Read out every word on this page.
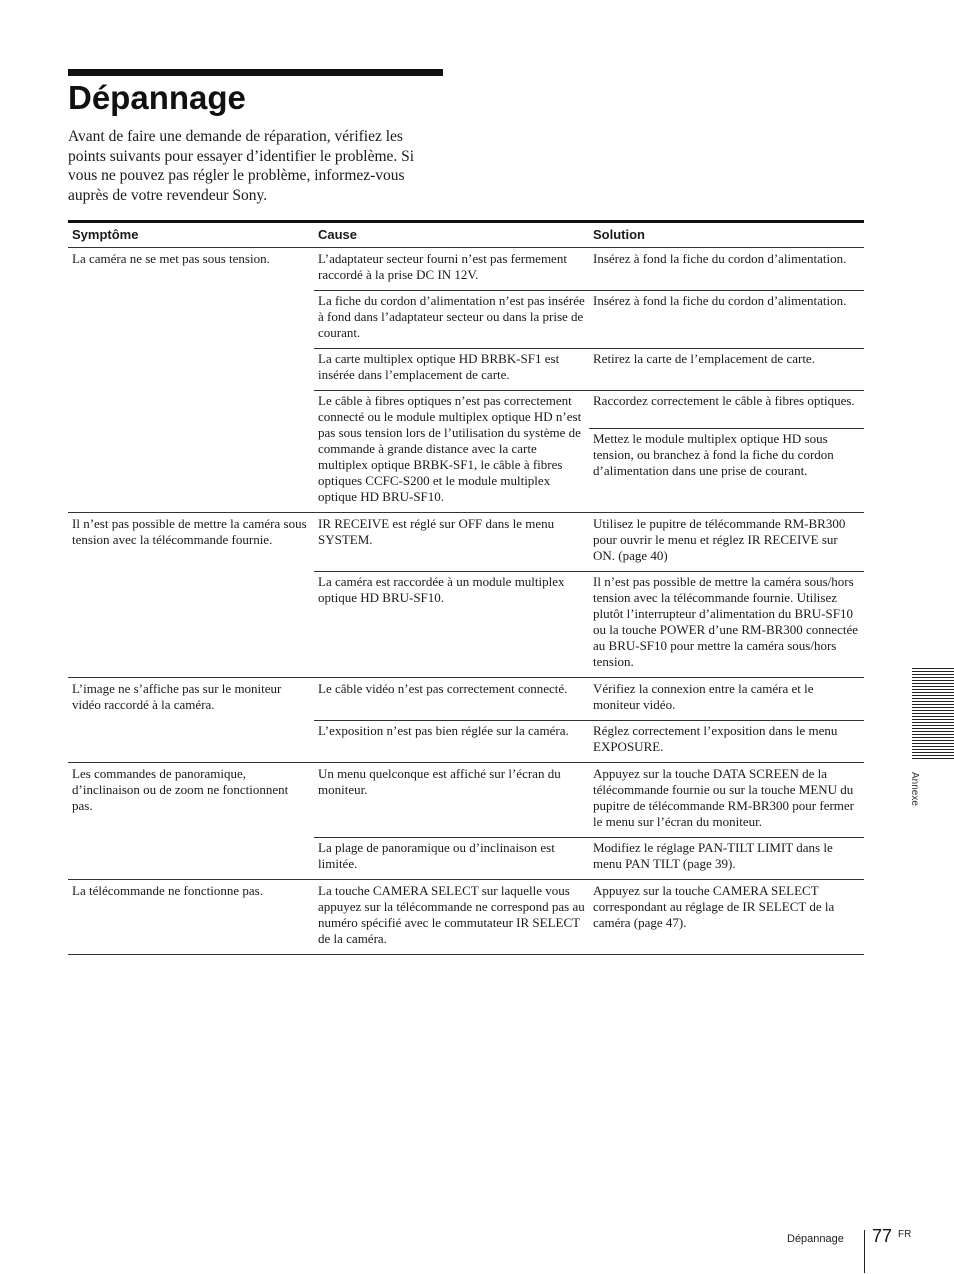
Dépannage

Avant de faire une demande de réparation, vérifiez les points suivants pour essayer d’identifier le problème. Si vous ne pouvez pas régler le problème, informez-vous auprès de votre revendeur Sony.

Symptôme	Cause	Solution
La caméra ne se met pas sous tension.	L’adaptateur secteur fourni n’est pas fermement raccordé à la prise DC IN 12V.	Insérez à fond la fiche du cordon d’alimentation.
	La fiche du cordon d’alimentation n’est pas insérée à fond dans l’adaptateur secteur ou dans la prise de courant.	Insérez à fond la fiche du cordon d’alimentation.
	La carte multiplex optique HD BRBK-SF1 est insérée dans l’emplacement de carte.	Retirez la carte de l’emplacement de carte.
	Le câble à fibres optiques n’est pas correctement connecté ou le module multiplex optique HD n’est pas sous tension lors de l’utilisation du système de commande à grande distance avec la carte multiplex optique BRBK-SF1, le câble à fibres optiques CCFC-S200 et le module multiplex optique HD BRU-SF10.	Raccordez correctement le câble à fibres optiques.
		Mettez le module multiplex optique HD sous tension, ou branchez à fond la fiche du cordon d’alimentation dans une prise de courant.
Il n’est pas possible de mettre la caméra sous tension avec la télécommande fournie.	IR RECEIVE est réglé sur OFF dans le menu SYSTEM.	Utilisez le pupitre de télécommande RM-BR300 pour ouvrir le menu et réglez IR RECEIVE sur ON. (page 40)
	La caméra est raccordée à un module multiplex optique HD BRU-SF10.	Il n’est pas possible de mettre la caméra sous/hors tension avec la télécommande fournie. Utilisez plutôt l’interrupteur d’alimentation du BRU-SF10 ou la touche POWER d’une RM-BR300 connectée au BRU-SF10 pour mettre la caméra sous/hors tension.
L’image ne s’affiche pas sur le moniteur vidéo raccordé à la caméra.	Le câble vidéo n’est pas correctement connecté.	Vérifiez la connexion entre la caméra et le moniteur vidéo.
	L’exposition n’est pas bien réglée sur la caméra.	Réglez correctement l’exposition dans le menu EXPOSURE.
Les commandes de panoramique, d’inclinaison ou de zoom ne fonctionnent pas.	Un menu quelconque est affiché sur l’écran du moniteur.	Appuyez sur la touche DATA SCREEN de la télécommande fournie ou sur la touche MENU du pupitre de télécommande RM-BR300 pour fermer le menu sur l’écran du moniteur.
	La plage de panoramique ou d’inclinaison est limitée.	Modifiez le réglage PAN-TILT LIMIT dans le menu PAN TILT (page 39).
La télécommande ne fonctionne pas.	La touche CAMERA SELECT sur laquelle vous appuyez sur la télécommande ne correspond pas au numéro spécifié avec le commutateur IR SELECT de la caméra.	Appuyez sur la touche CAMERA SELECT correspondant au réglage de IR SELECT de la caméra (page 47).
Annexe
Dépannage 77 FR
